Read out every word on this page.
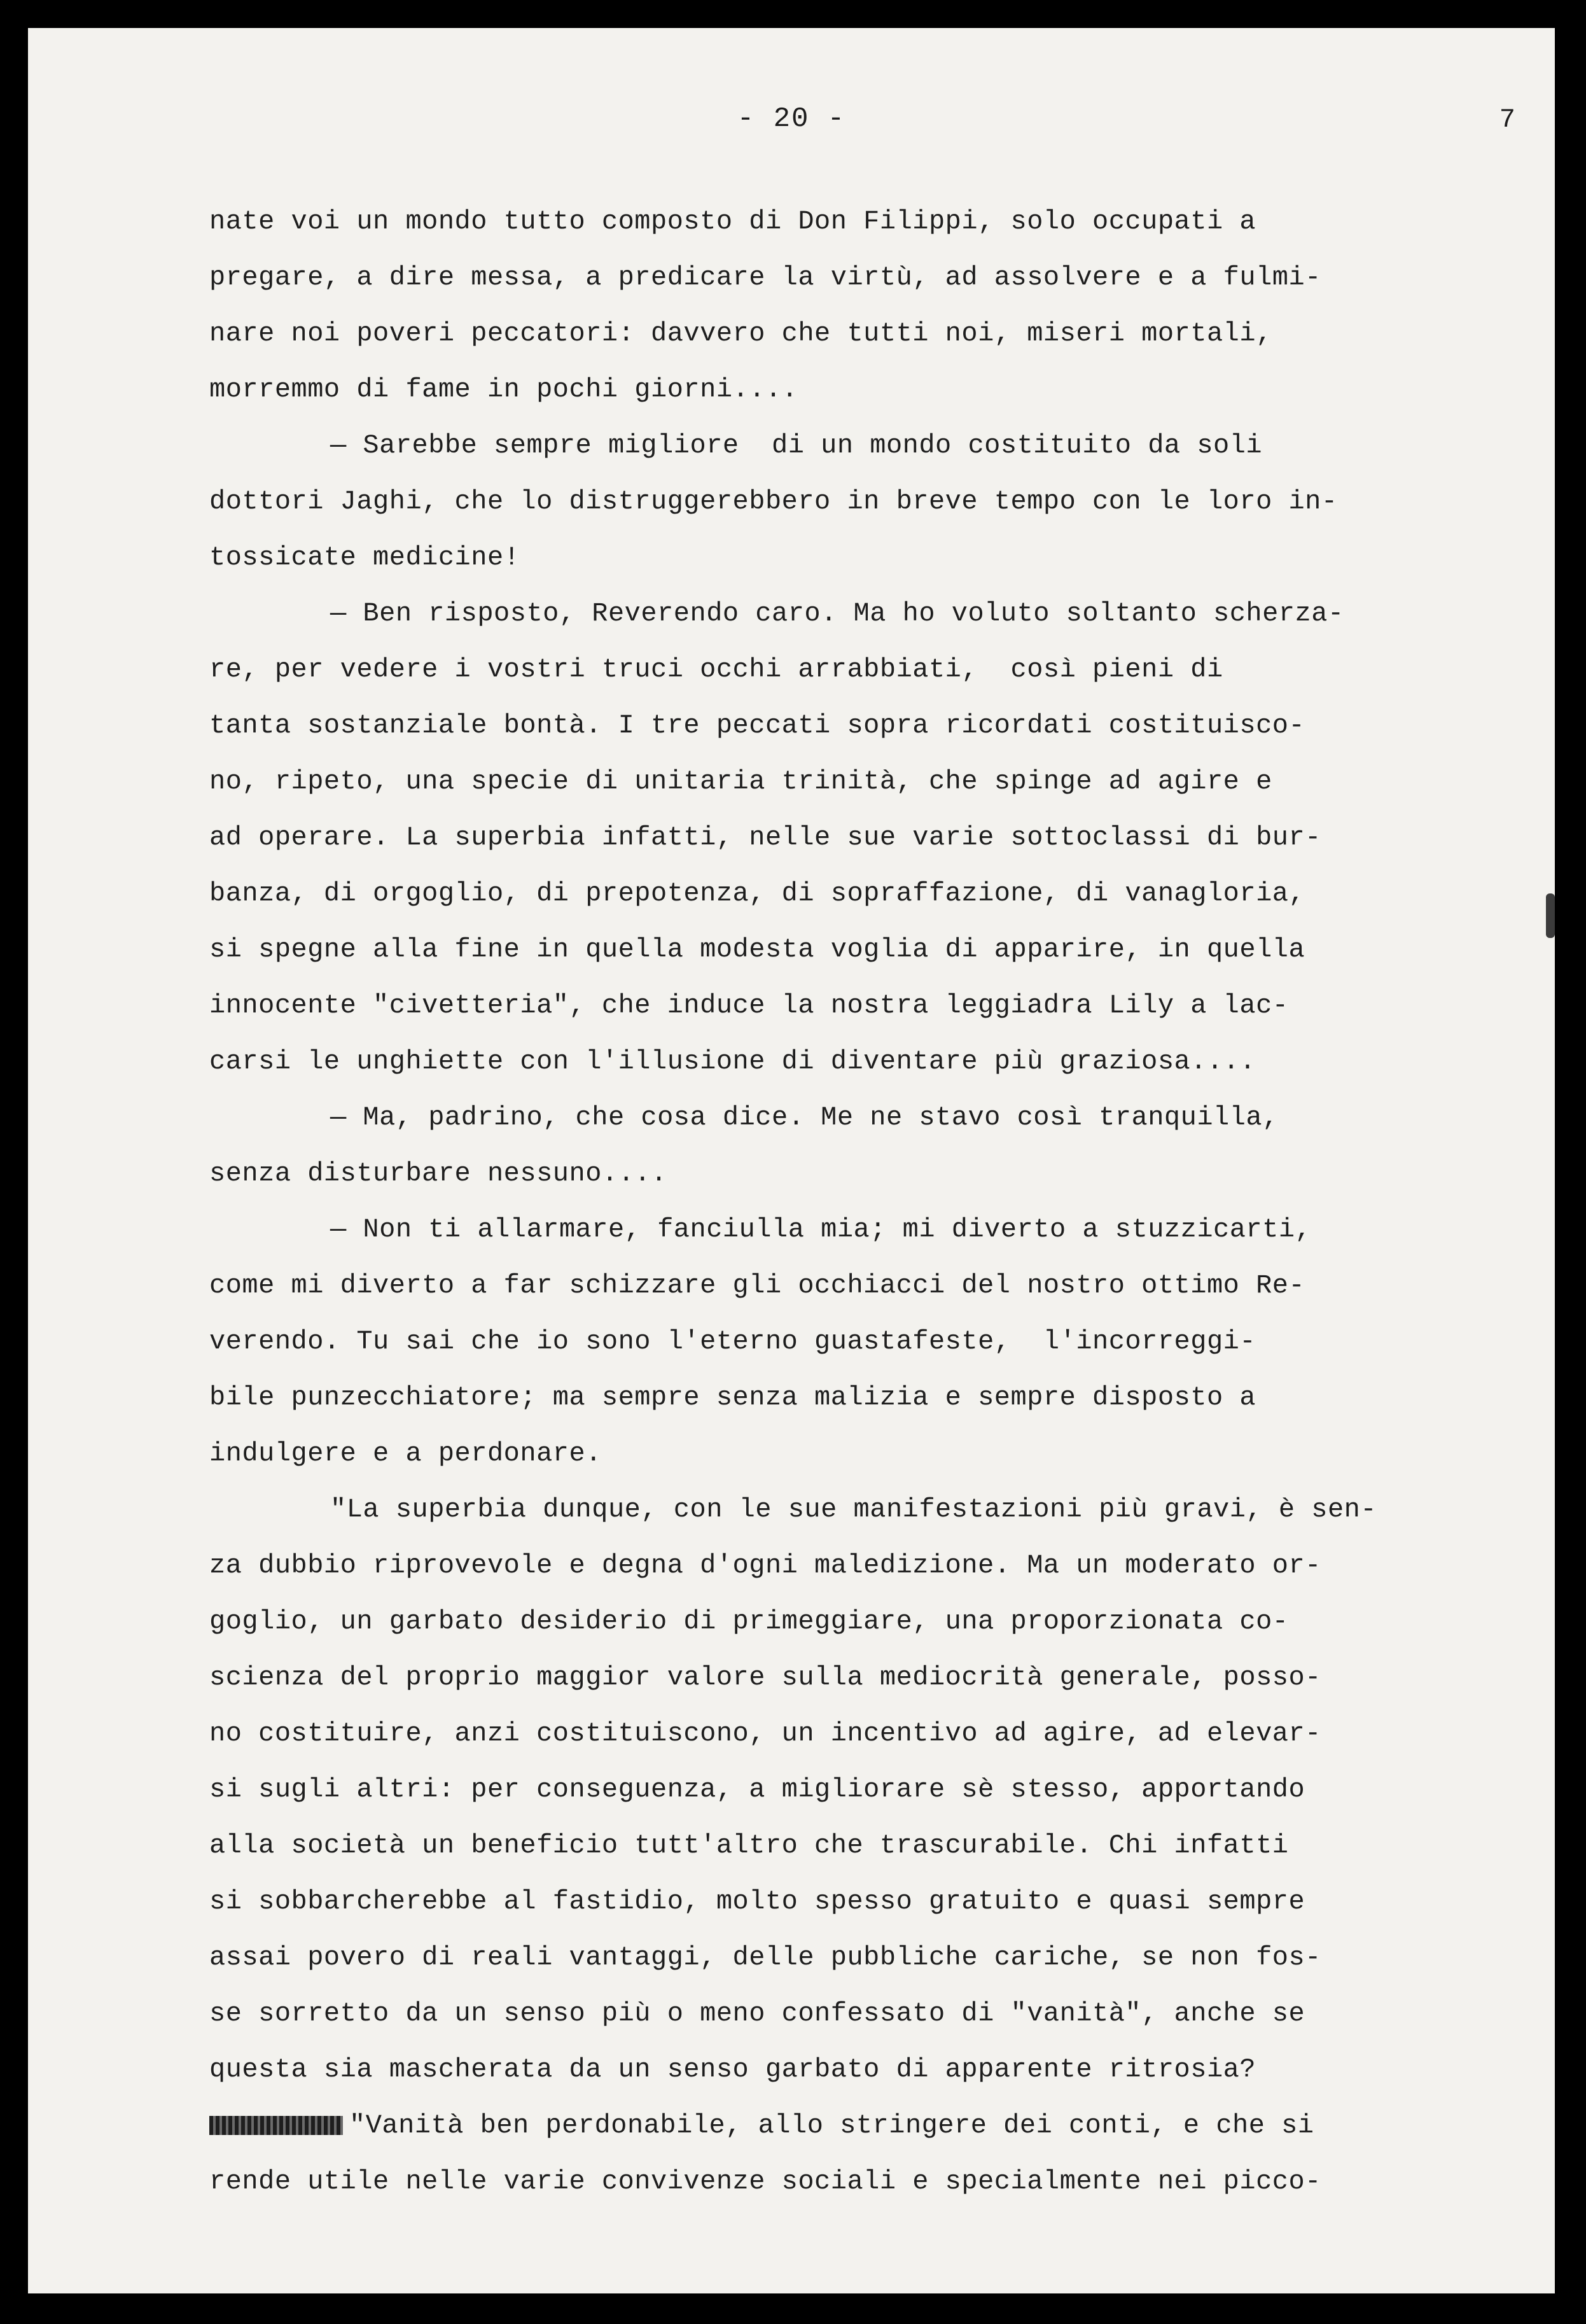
- 20 -	7
nate voi un mondo tutto composto di Don Filippi, solo occupati a
pregare, a dire messa, a predicare la virtù, ad assolvere e a fulmi-
nare noi poveri peccatori: davvero che tutti noi, miseri mortali,
morremmo di fame in pochi giorni....
— Sarebbe sempre migliore  di un mondo costituito da soli
dottori Jaghi, che lo distruggerebbero in breve tempo con le loro in-
tossicate medicine!
— Ben risposto, Reverendo caro. Ma ho voluto soltanto scherza-
re, per vedere i vostri truci occhi arrabbiati,  così pieni di
tanta sostanziale bontà. I tre peccati sopra ricordati costituisco-
no, ripeto, una specie di unitaria trinità, che spinge ad agire e
ad operare. La superbia infatti, nelle sue varie sottoclassi di bur-
banza, di orgoglio, di prepotenza, di sopraffazione, di vanagloria,
si spegne alla fine in quella modesta voglia di apparire, in quella
innocente "civetteria", che induce la nostra leggiadra Lily a lac-
carsi le unghiette con l'illusione di diventare più graziosa....
— Ma, padrino, che cosa dice. Me ne stavo così tranquilla,
senza disturbare nessuno....
— Non ti allarmare, fanciulla mia; mi diverto a stuzzicarti,
come mi diverto a far schizzare gli occhiacci del nostro ottimo Re-
verendo. Tu sai che io sono l'eterno guastafeste,  l'incorreggi-
bile punzecchiatore; ma sempre senza malizia e sempre disposto a
indulgere e a perdonare.
"La superbia dunque, con le sue manifestazioni più gravi, è sen-
za dubbio riprovevole e degna d'ogni maledizione. Ma un moderato or-
goglio, un garbato desiderio di primeggiare, una proporzionata co-
scienza del proprio maggior valore sulla mediocrità generale, posso-
no costituire, anzi costituiscono, un incentivo ad agire, ad elevar-
si sugli altri: per conseguenza, a migliorare sè stesso, apportando
alla società un beneficio tutt'altro che trascurabile. Chi infatti
si sobbarcherebbe al fastidio, molto spesso gratuito e quasi sempre
assai povero di reali vantaggi, delle pubbliche cariche, se non fos-
se sorretto da un senso più o meno confessato di "vanità", anche se
questa sia mascherata da un senso garbato di apparente ritrosia?
"Vanità ben perdonabile, allo stringere dei conti, e che si
rende utile nelle varie convivenze sociali e specialmente nei picco-
